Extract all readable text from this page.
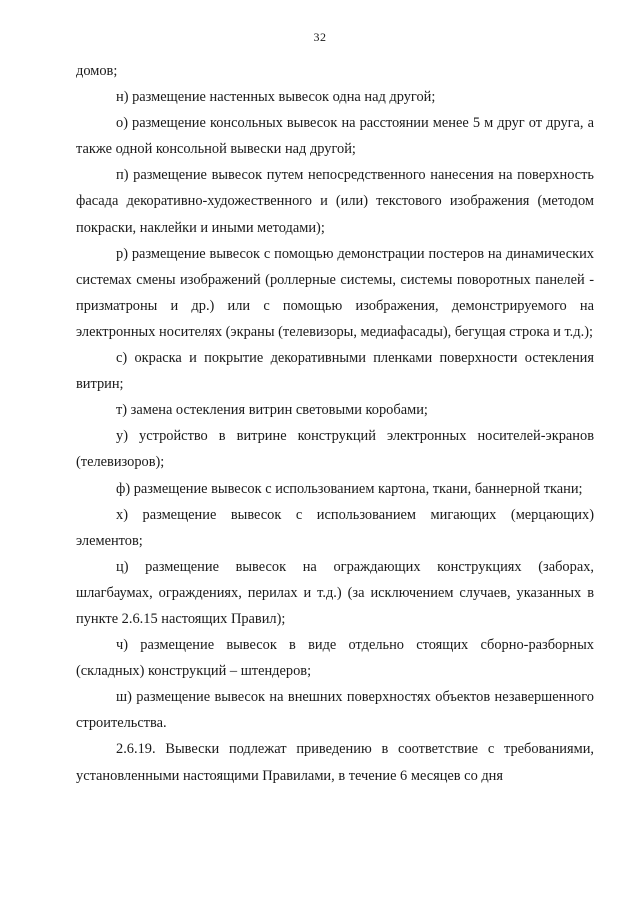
32

домов;

н) размещение настенных вывесок одна над другой;

о) размещение консольных вывесок на расстоянии менее 5 м друг от друга, а также одной консольной вывески над другой;

п) размещение вывесок путем непосредственного нанесения на поверхность фасада декоративно-художественного и (или) текстового изображения (методом покраски, наклейки и иными методами);

р) размещение вывесок с помощью демонстрации постеров на динамических системах смены изображений (роллерные системы, системы поворотных панелей - призматроны и др.) или с помощью изображения, демонстрируемого на электронных носителях (экраны (телевизоры, медиафасады), бегущая строка и т.д.);

с) окраска и покрытие декоративными пленками поверхности остекления витрин;

т) замена остекления витрин световыми коробами;

у) устройство в витрине конструкций электронных носителей-экранов (телевизоров);

ф) размещение вывесок с использованием картона, ткани, баннерной ткани;

х) размещение вывесок с использованием мигающих (мерцающих) элементов;

ц) размещение вывесок на ограждающих конструкциях (заборах, шлагбаумах, ограждениях, перилах и т.д.) (за исключением случаев, указанных в пункте 2.6.15 настоящих Правил);

ч) размещение вывесок в виде отдельно стоящих сборно-разборных (складных) конструкций – штендеров;

ш) размещение вывесок на внешних поверхностях объектов незавершенного строительства.

2.6.19. Вывески подлежат приведению в соответствие с требованиями, установленными настоящими Правилами, в течение 6 месяцев со дня
